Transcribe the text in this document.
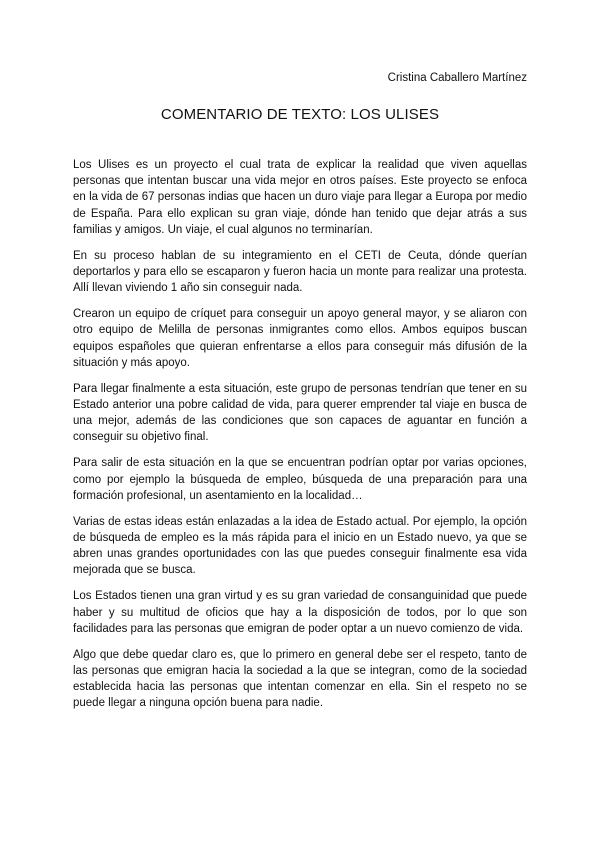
Cristina Caballero Martínez
COMENTARIO DE TEXTO: LOS ULISES

Los Ulises es un proyecto el cual trata de explicar la realidad que viven aquellas personas que intentan buscar una vida mejor en otros países. Este proyecto se enfoca en la vida de 67 personas indias que hacen un duro viaje para llegar a Europa por medio de España. Para ello explican su gran viaje, dónde han tenido que dejar atrás a sus familias y amigos. Un viaje, el cual algunos no terminarían.

En su proceso hablan de su integramiento en el CETI de Ceuta, dónde querían deportarlos y para ello se escaparon y fueron hacia un monte para realizar una protesta. Allí llevan viviendo 1 año sin conseguir nada.

Crearon un equipo de críquet para conseguir un apoyo general mayor, y se aliaron con otro equipo de Melilla de personas inmigrantes como ellos. Ambos equipos buscan equipos españoles que quieran enfrentarse a ellos para conseguir más difusión de la situación y más apoyo.

Para llegar finalmente a esta situación, este grupo de personas tendrían que tener en su Estado anterior una pobre calidad de vida, para querer emprender tal viaje en busca de una mejor, además de las condiciones que son capaces de aguantar en función a conseguir su objetivo final.

Para salir de esta situación en la que se encuentran podrían optar por varias opciones, como por ejemplo la búsqueda de empleo, búsqueda de una preparación para una formación profesional, un asentamiento en la localidad…

Varias de estas ideas están enlazadas a la idea de Estado actual. Por ejemplo, la opción de búsqueda de empleo es la más rápida para el inicio en un Estado nuevo, ya que se abren unas grandes oportunidades con las que puedes conseguir finalmente esa vida mejorada que se busca.

Los Estados tienen una gran virtud y es su gran variedad de consanguinidad que puede haber y su multitud de oficios que hay a la disposición de todos, por lo que son facilidades para las personas que emigran de poder optar a un nuevo comienzo de vida.

Algo que debe quedar claro es, que lo primero en general debe ser el respeto, tanto de las personas que emigran hacia la sociedad a la que se integran, como de la sociedad establecida hacia las personas que intentan comenzar en ella. Sin el respeto no se puede llegar a ninguna opción buena para nadie.
